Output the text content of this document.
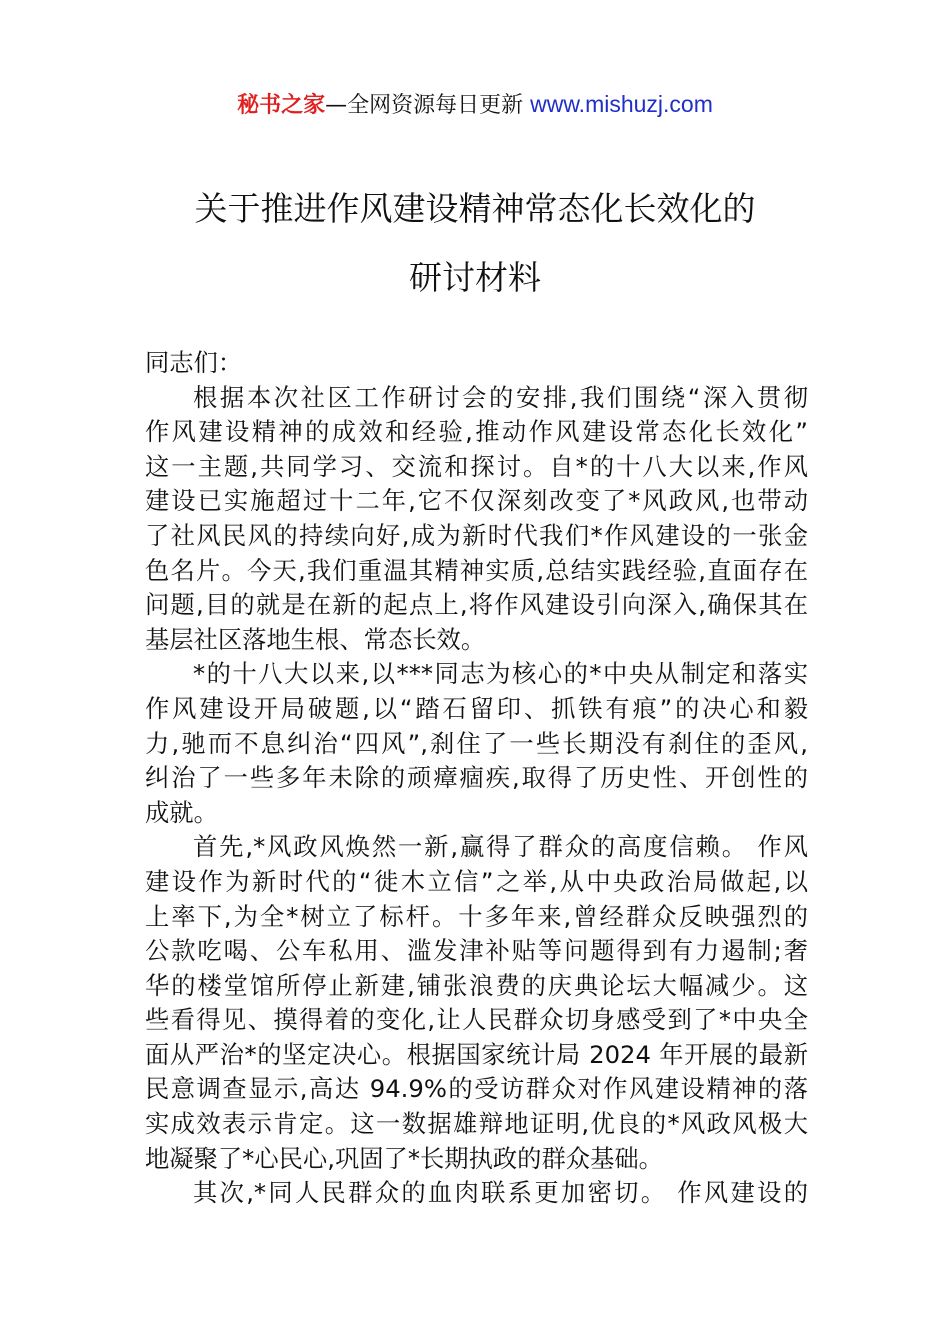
秘书之家—全网资源每日更新 www.mishuzj.com
关于推进作风建设精神常态化长效化的
研讨材料
同志们：
根据本次社区工作研讨会的安排,我们围绕“深入贯彻
作风建设精神的成效和经验,推动作风建设常态化长效化”
这一主题,共同学习、交流和探讨。自*的十八大以来,作风
建设已实施超过十二年,它不仅深刻改变了*风政风,也带动
了社风民风的持续向好,成为新时代我们*作风建设的一张金
色名片。今天,我们重温其精神实质,总结实践经验,直面存在
问题,目的就是在新的起点上,将作风建设引向深入,确保其在
基层社区落地生根、常态长效。
*的十八大以来,以***同志为核心的*中央从制定和落实
作风建设开局破题,以“踏石留印、抓铁有痕”的决心和毅
力,驰而不息纠治“四风”,刹住了一些长期没有刹住的歪风,
纠治了一些多年未除的顽瘴痼疾,取得了历史性、开创性的
成就。
首先,*风政风焕然一新,赢得了群众的高度信赖。 作风
建设作为新时代的“徙木立信”之举,从中央政治局做起,以
上率下,为全*树立了标杆。十多年来,曾经群众反映强烈的
公款吃喝、公车私用、滥发津补贴等问题得到有力遏制;奢
华的楼堂馆所停止新建,铺张浪费的庆典论坛大幅减少。这
些看得见、摸得着的变化,让人民群众切身感受到了*中央全
面从严治*的坚定决心。根据国家统计局 2024 年开展的最新
民意调查显示,高达 94.9%的受访群众对作风建设精神的落
实成效表示肯定。这一数据雄辩地证明,优良的*风政风极大
地凝聚了*心民心,巩固了*长期执政的群众基础。
其次,*同人民群众的血肉联系更加密切。 作风建设的
